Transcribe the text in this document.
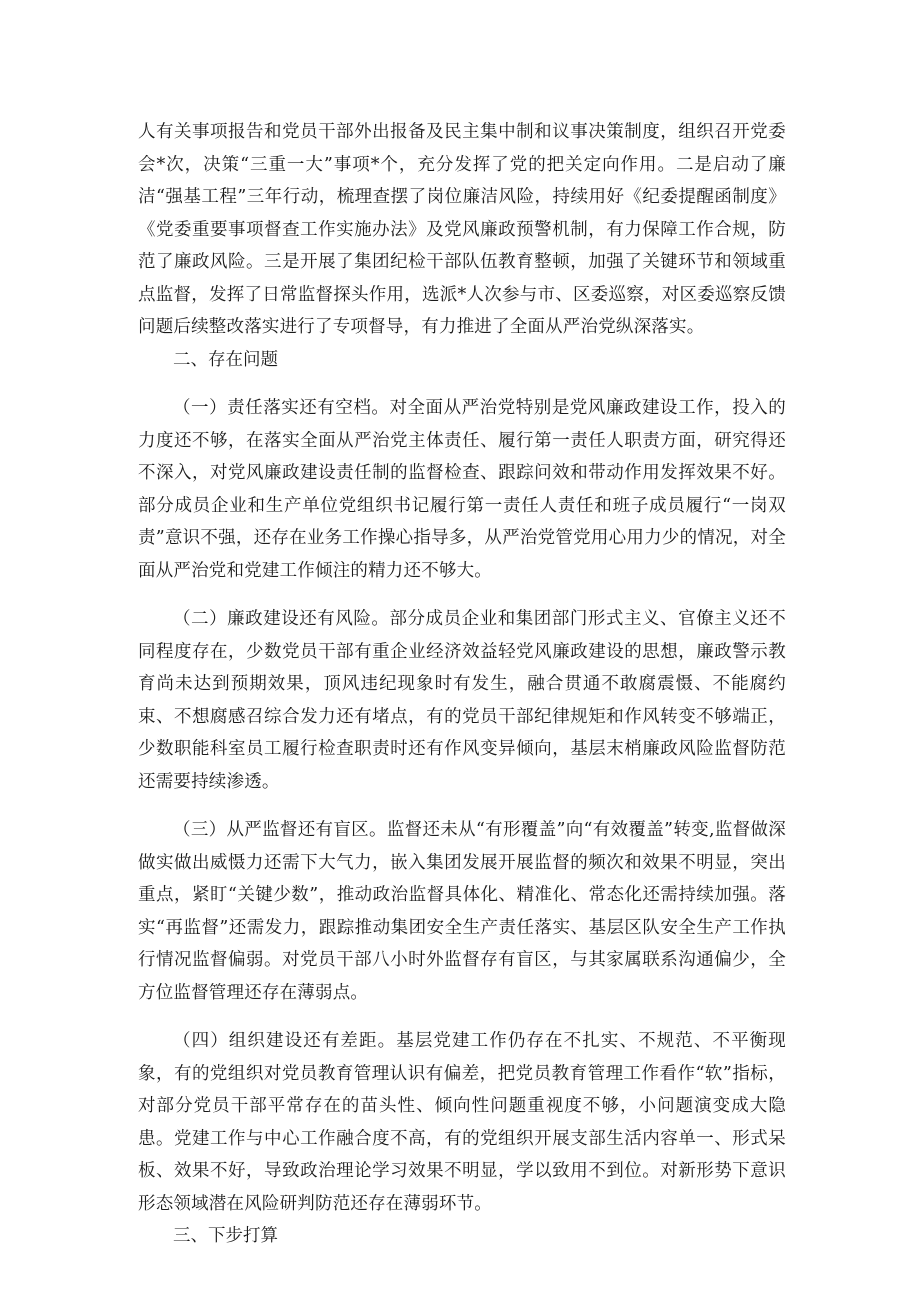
人有关事项报告和党员干部外出报备及民主集中制和议事决策制度，组织召开党委会*次，决策“三重一大”事项*个，充分发挥了党的把关定向作用。二是启动了廉洁“强基工程”三年行动，梳理查摆了岗位廉洁风险，持续用好《纪委提醒函制度》《党委重要事项督查工作实施办法》及党风廉政预警机制，有力保障工作合规，防范了廉政风险。三是开展了集团纪检干部队伍教育整顿，加强了关键环节和领域重点监督，发挥了日常监督探头作用，选派*人次参与市、区委巡察，对区委巡察反馈问题后续整改落实进行了专项督导，有力推进了全面从严治党纵深落实。

二、存在问题

（一）责任落实还有空档。对全面从严治党特别是党风廉政建设工作，投入的力度还不够，在落实全面从严治党主体责任、履行第一责任人职责方面，研究得还不深入，对党风廉政建设责任制的监督检查、跟踪问效和带动作用发挥效果不好。部分成员企业和生产单位党组织书记履行第一责任人责任和班子成员履行“一岗双责”意识不强，还存在业务工作操心指导多，从严治党管党用心用力少的情况，对全面从严治党和党建工作倾注的精力还不够大。

（二）廉政建设还有风险。部分成员企业和集团部门形式主义、官僚主义还不同程度存在，少数党员干部有重企业经济效益轻党风廉政建设的思想，廉政警示教育尚未达到预期效果，顶风违纪现象时有发生，融合贯通不敢腐震慑、不能腐约束、不想腐感召综合发力还有堵点，有的党员干部纪律规矩和作风转变不够端正，少数职能科室员工履行检查职责时还有作风变异倾向，基层末梢廉政风险监督防范还需要持续渗透。

（三）从严监督还有盲区。监督还未从“有形覆盖”向“有效覆盖”转变,监督做深做实做出威慑力还需下大气力，嵌入集团发展开展监督的频次和效果不明显，突出重点，紧盯“关键少数”，推动政治监督具体化、精准化、常态化还需持续加强。落实“再监督”还需发力，跟踪推动集团安全生产责任落实、基层区队安全生产工作执行情况监督偏弱。对党员干部八小时外监督存有盲区，与其家属联系沟通偏少，全方位监督管理还存在薄弱点。

（四）组织建设还有差距。基层党建工作仍存在不扎实、不规范、不平衡现象，有的党组织对党员教育管理认识有偏差，把党员教育管理工作看作“软”指标，对部分党员干部平常存在的苗头性、倾向性问题重视度不够，小问题演变成大隐患。党建工作与中心工作融合度不高，有的党组织开展支部生活内容单一、形式呆板、效果不好，导致政治理论学习效果不明显，学以致用不到位。对新形势下意识形态领域潜在风险研判防范还存在薄弱环节。

三、下步打算
